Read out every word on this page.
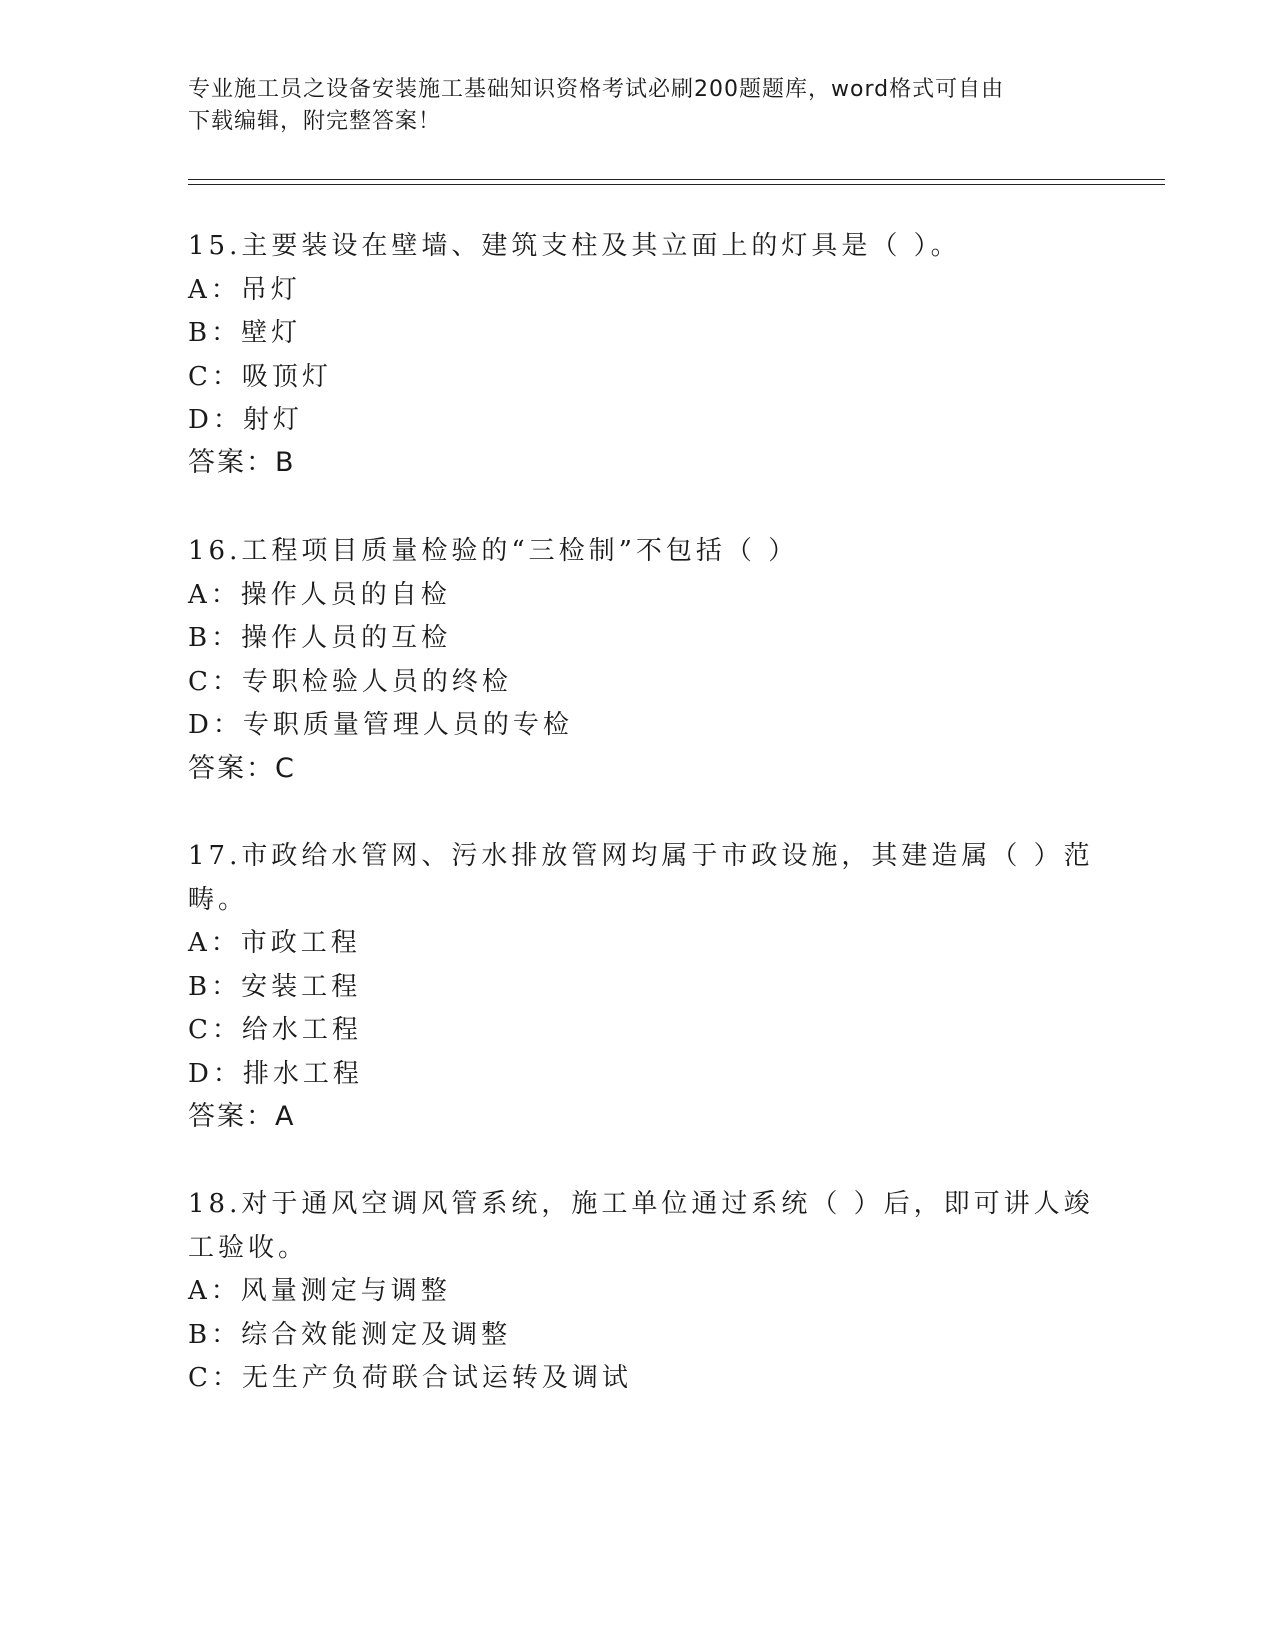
专业施工员之设备安装施工基础知识资格考试必刷200题题库，word格式可自由
下载编辑，附完整答案！
15.主要装设在壁墙、建筑支柱及其立面上的灯具是（ ）。
A：吊灯
B：壁灯
C：吸顶灯
D：射灯
答案：B
16.工程项目质量检验的“三检制”不包括（ ）
A：操作人员的自检
B：操作人员的互检
C：专职检验人员的终检
D：专职质量管理人员的专检
答案：C
17.市政给水管网、污水排放管网均属于市政设施，其建造属（ ）范
畴。
A：市政工程
B：安装工程
C：给水工程
D：排水工程
答案：A
18.对于通风空调风管系统，施工单位通过系统（ ）后，即可讲人竣
工验收。
A：风量测定与调整
B：综合效能测定及调整
C：无生产负荷联合试运转及调试
